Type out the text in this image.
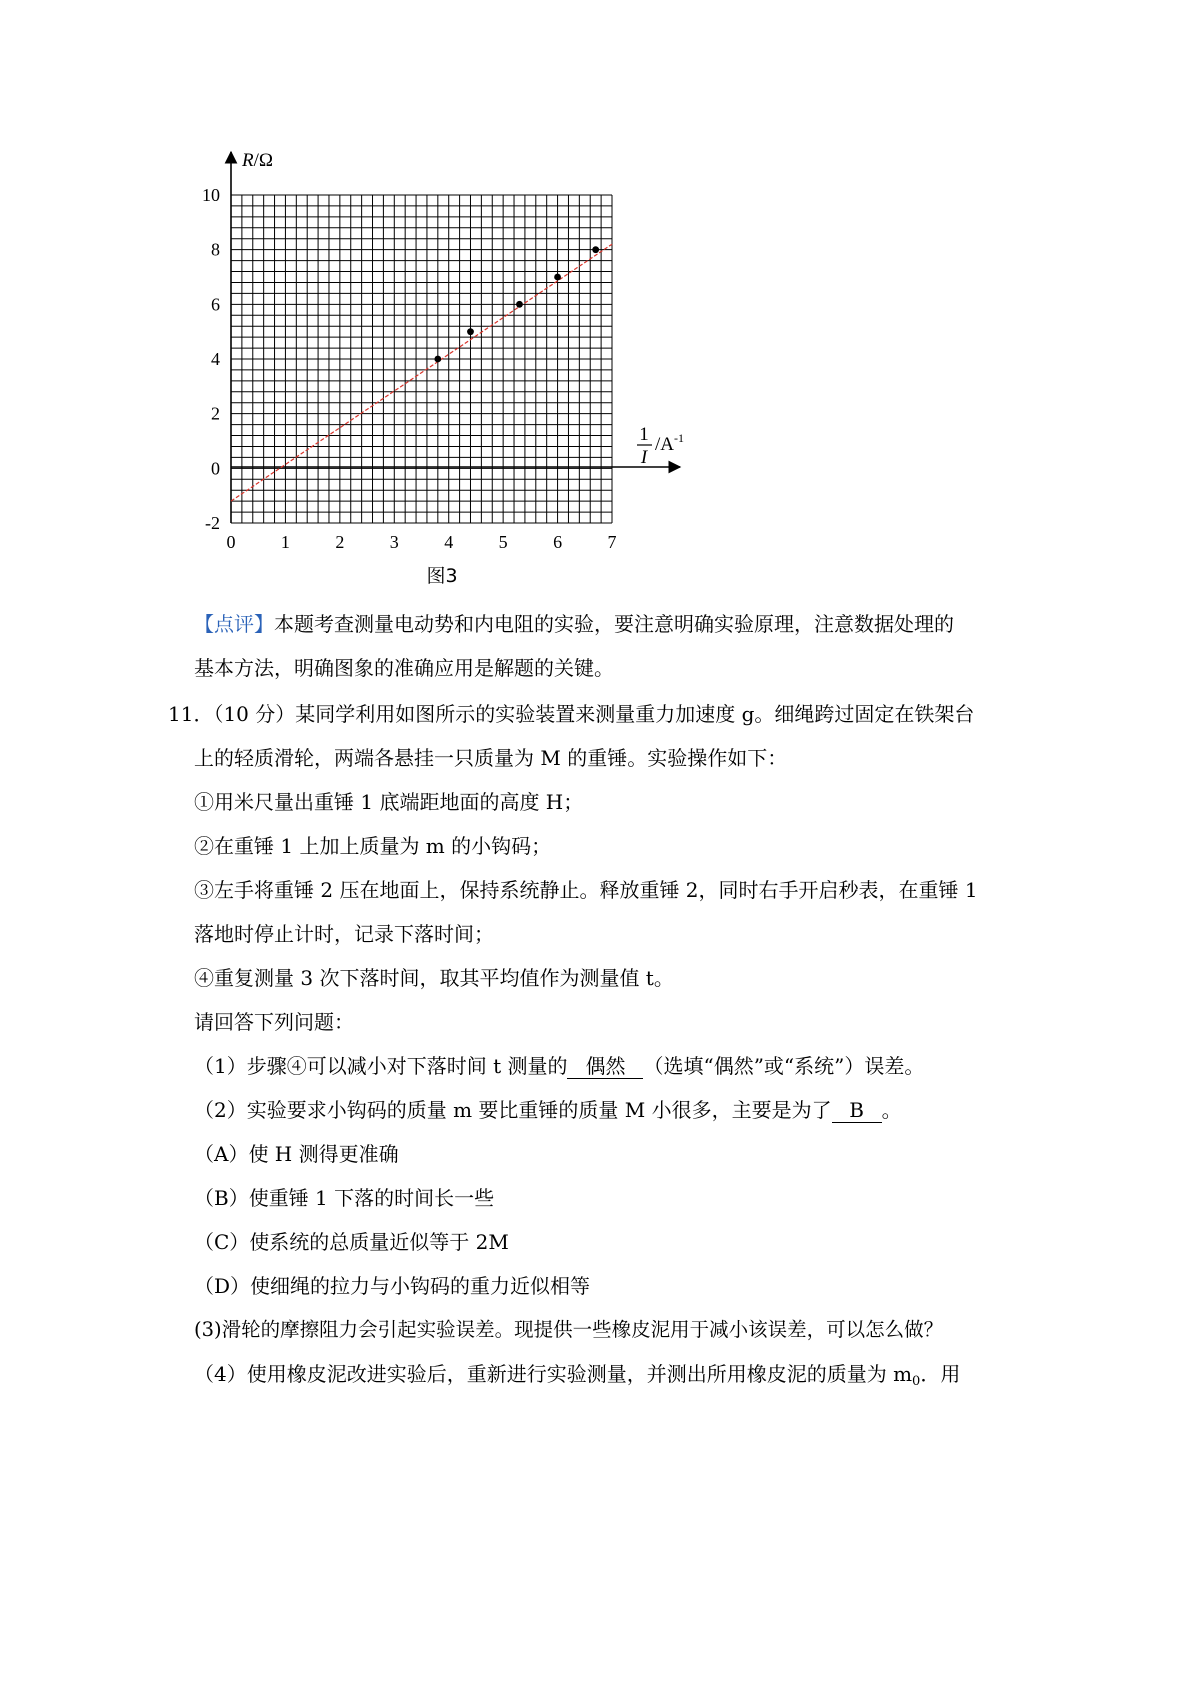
10
8
6
4
2
0
-2
0	1	2	3	4	5	6	7
R/Ω
1
I
$/A^{-1}$
图3
【点评】本题考查测量电动势和内电阻的实验，要注意明确实验原理，注意数据处理的
基本方法，明确图象的准确应用是解题的关键。
11．（10 分）某同学利用如图所示的实验装置来测量重力加速度 g。细绳跨过固定在铁架台
上的轻质滑轮，两端各悬挂一只质量为 M 的重锤。实验操作如下：
①用米尺量出重锤 1 底端距地面的高度 H；
②在重锤 1 上加上质量为 m 的小钩码；
③左手将重锤 2 压在地面上，保持系统静止。释放重锤 2，同时右手开启秒表，在重锤 1
落地时停止计时，记录下落时间；
④重复测量 3 次下落时间，取其平均值作为测量值 t。
请回答下列问题：
（1）步骤④可以减小对下落时间 t 测量的 偶然 （选填“偶然”或“系统”）误差。
（2）实验要求小钩码的质量 m 要比重锤的质量 M 小很多，主要是为了 B 。
（A）使 H 测得更准确
（B）使重锤 1 下落的时间长一些
（C）使系统的总质量近似等于 2M
（D）使细绳的拉力与小钩码的重力近似相等
(3)滑轮的摩擦阻力会引起实验误差。现提供一些橡皮泥用于减小该误差，可以怎么做？
（4）使用橡皮泥改进实验后，重新进行实验测量，并测出所用橡皮泥的质量为 $m_0$．用
